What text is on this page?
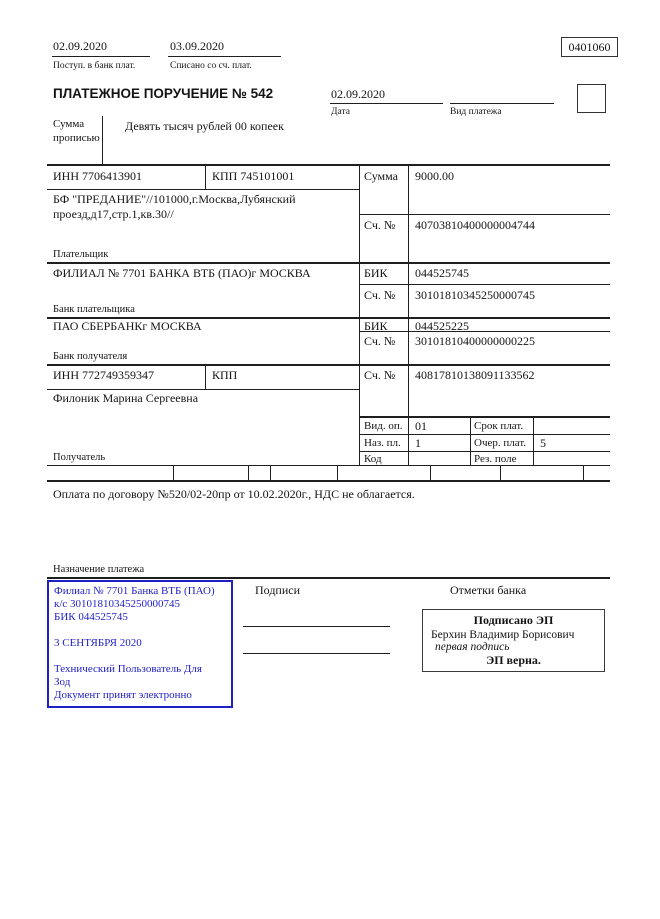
02.09.2020
Поступ. в банк плат.
03.09.2020
Списано со сч. плат.
0401060
ПЛАТЕЖНОЕ ПОРУЧЕНИЕ № 542	02.09.2020
Дата	Вид платежа
Сумма
прописью
Девять тысяч рублей 00 копеек
ИНН 7706413901	КПП 745101001
БФ "ПРЕДАНИЕ"//101000,г.Москва,Лубянский проезд,д17,стр.1,кв.30//
Плательщик
Сумма 9000.00
Сч. № 40703810400000004744
ФИЛИАЛ № 7701 БАНКА ВТБ (ПАО)г МОСКВА
Банк плательщика
БИК 044525745
Сч. № 30101810345250000745
ПАО СБЕРБАНКг МОСКВА
Банк получателя
БИК 044525225
Сч. № 30101810400000000225
ИНН 772749359347	КПП
Филоник Марина Сергеевна
Получатель
Сч. № 40817810138091133562
Вид. оп. 01	Срок плат.
Наз. пл. 1	Очер. плат. 5
Код	Рез. поле
Оплата по договору №520/02-20пр от 10.02.2020г., НДС не облагается.
Назначение платежа
Подписи	Отметки банка
Филиал № 7701 Банка ВТБ (ПАО)
к/с 30101810345250000745
БИК 044525745
3 СЕНТЯБРЯ 2020
Технический Пользователь Для
Зод
Документ принят электронно
Подписано ЭП
Берхин Владимир Борисович
первая подпись
ЭП верна.
